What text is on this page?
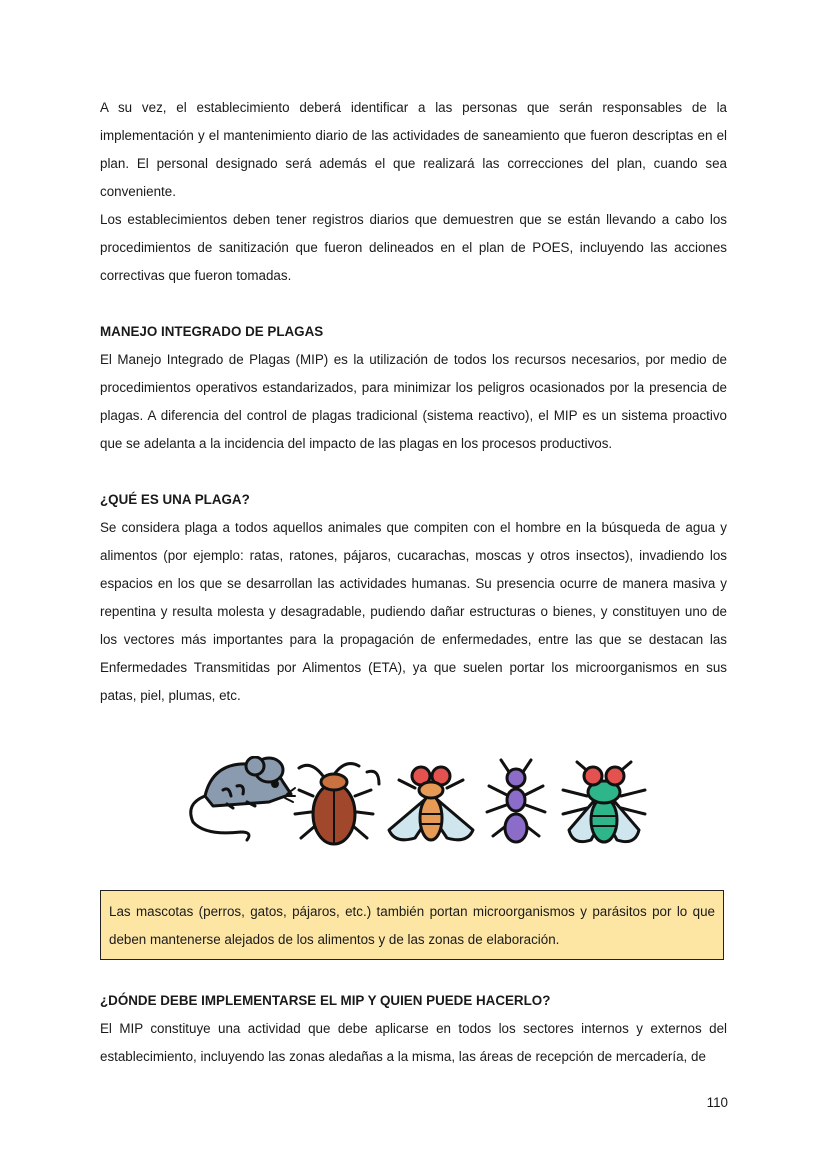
A su vez, el establecimiento deberá identificar a las personas que serán responsables de la implementación y el mantenimiento diario de las actividades de saneamiento que fueron descriptas en el plan. El personal designado será además el que realizará las correcciones del plan, cuando sea conveniente.

Los establecimientos deben tener registros diarios que demuestren que se están llevando a cabo los procedimientos de sanitización que fueron delineados en el plan de POES, incluyendo las acciones correctivas que fueron tomadas.

MANEJO INTEGRADO DE PLAGAS

El Manejo Integrado de Plagas (MIP) es la utilización de todos los recursos necesarios, por medio de procedimientos operativos estandarizados, para minimizar los peligros ocasionados por la presencia de plagas. A diferencia del control de plagas tradicional (sistema reactivo), el MIP es un sistema proactivo que se adelanta a la incidencia del impacto de las plagas en los procesos productivos.

¿QUÉ ES UNA PLAGA?

Se considera plaga a todos aquellos animales que compiten con el hombre en la búsqueda de agua y alimentos (por ejemplo: ratas, ratones, pájaros, cucarachas, moscas y otros insectos), invadiendo los espacios en los que se desarrollan las actividades humanas. Su presencia ocurre de manera masiva y repentina y resulta molesta y desagradable, pudiendo dañar estructuras o bienes, y constituyen uno de los vectores más importantes para la propagación de enfermedades, entre las que se destacan las Enfermedades Transmitidas por Alimentos (ETA), ya que suelen portar los microorganismos en sus patas, piel, plumas, etc.

Las mascotas (perros, gatos, pájaros, etc.) también portan microorganismos y parásitos por lo que deben mantenerse alejados de los alimentos y de las zonas de elaboración.

¿DÓNDE DEBE IMPLEMENTARSE EL MIP Y QUIEN PUEDE HACERLO?

El MIP constituye una actividad que debe aplicarse en todos los sectores internos y externos del establecimiento, incluyendo las zonas aledañas a la misma, las áreas de recepción de mercadería, de

110
